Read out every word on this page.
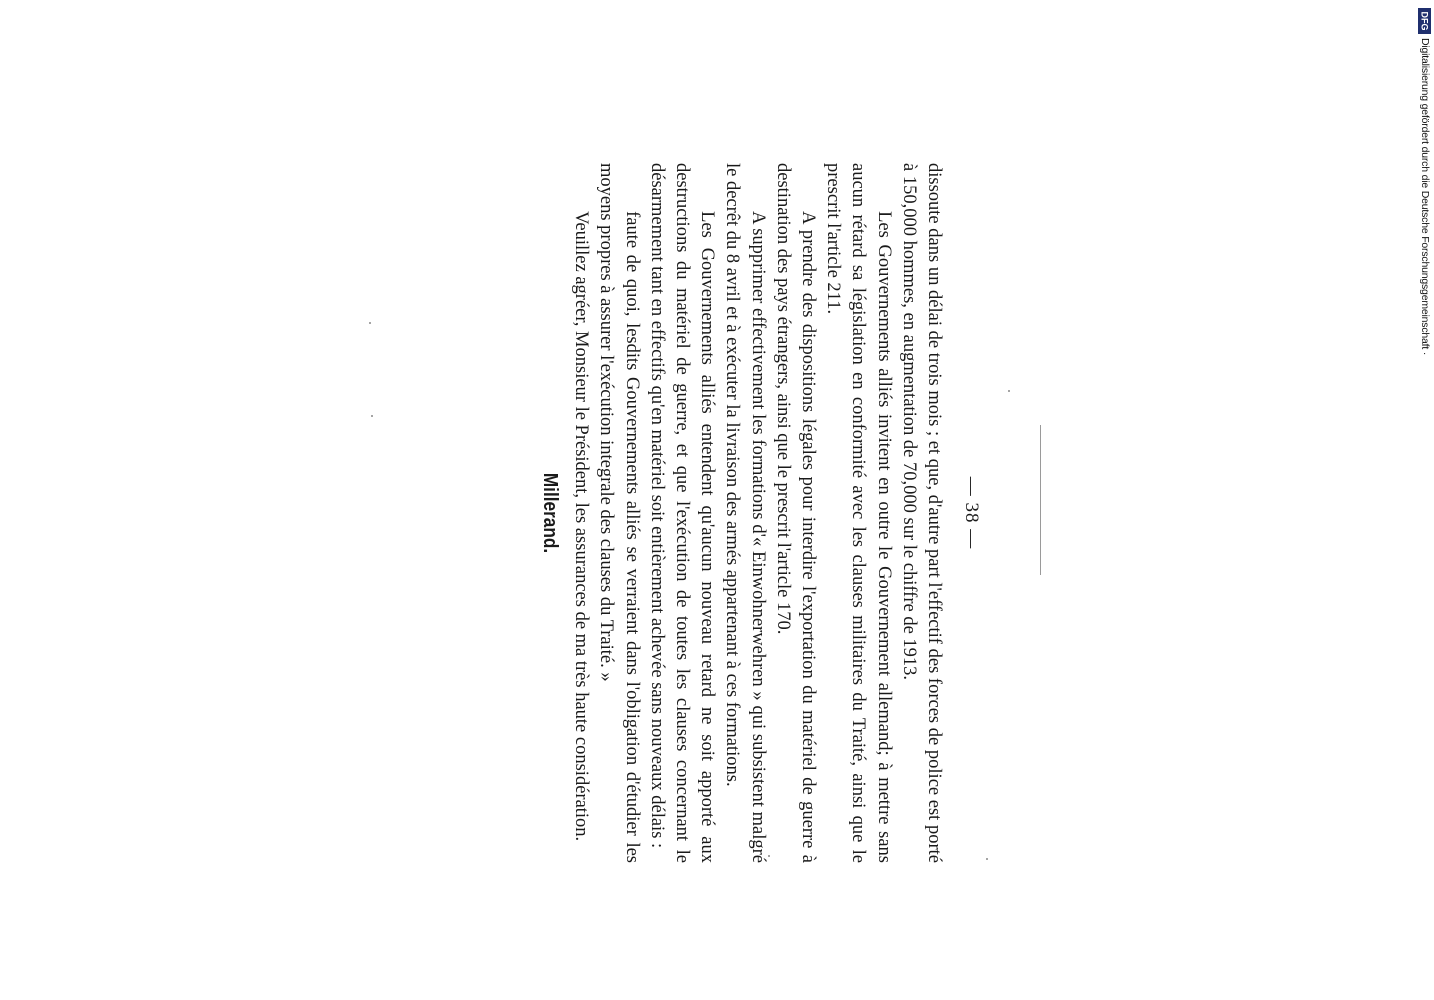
— 38 —

dissoute dans un délai de trois mois ; et que, d'autre part l'effectif des forces de police est porté à 150,000 hommes, en augmentation de 70,000 sur le chiffre de 1913.

Les Gouvernements alliés invitent en outre le Gouvernement allemand; à mettre sans aucun rétard sa législation en conformité avec les clauses militaires du Traité, ainsi que le prescrit l'article 211.

A prendre des dispositions légales pour interdire l'exportation du matériel de guerre à destination des pays étrangers, ainsi que le prescrit l'article 170.

A supprimer effectivement les formations d'« Einwohnerwehren » qui subsistent malgré le decrêt du 8 avril et à exécuter la livraison des armés appartenant à ces formations.

Les Gouvernements alliés entendent qu'aucun nouveau retard ne soit apporté aux destructions du matériel de guerre, et que l'exécution de toutes les clauses concernant le désarmement tant en effectifs qu'en matériel soit entièrement achevée sans nouveaux délais :

faute de quoi, lesdits Gouvernements alliés se verraient dans l'obligation d'étudier les moyens propres à assurer l'exécution integrale des clauses du Traité. »

Veuillez agréer, Monsieur le Président, les assurances de ma très haute considération.

Millerand.
DFG
Digitalisierung gefördert durch die Deutsche Forschungsgemeinschaft ·
